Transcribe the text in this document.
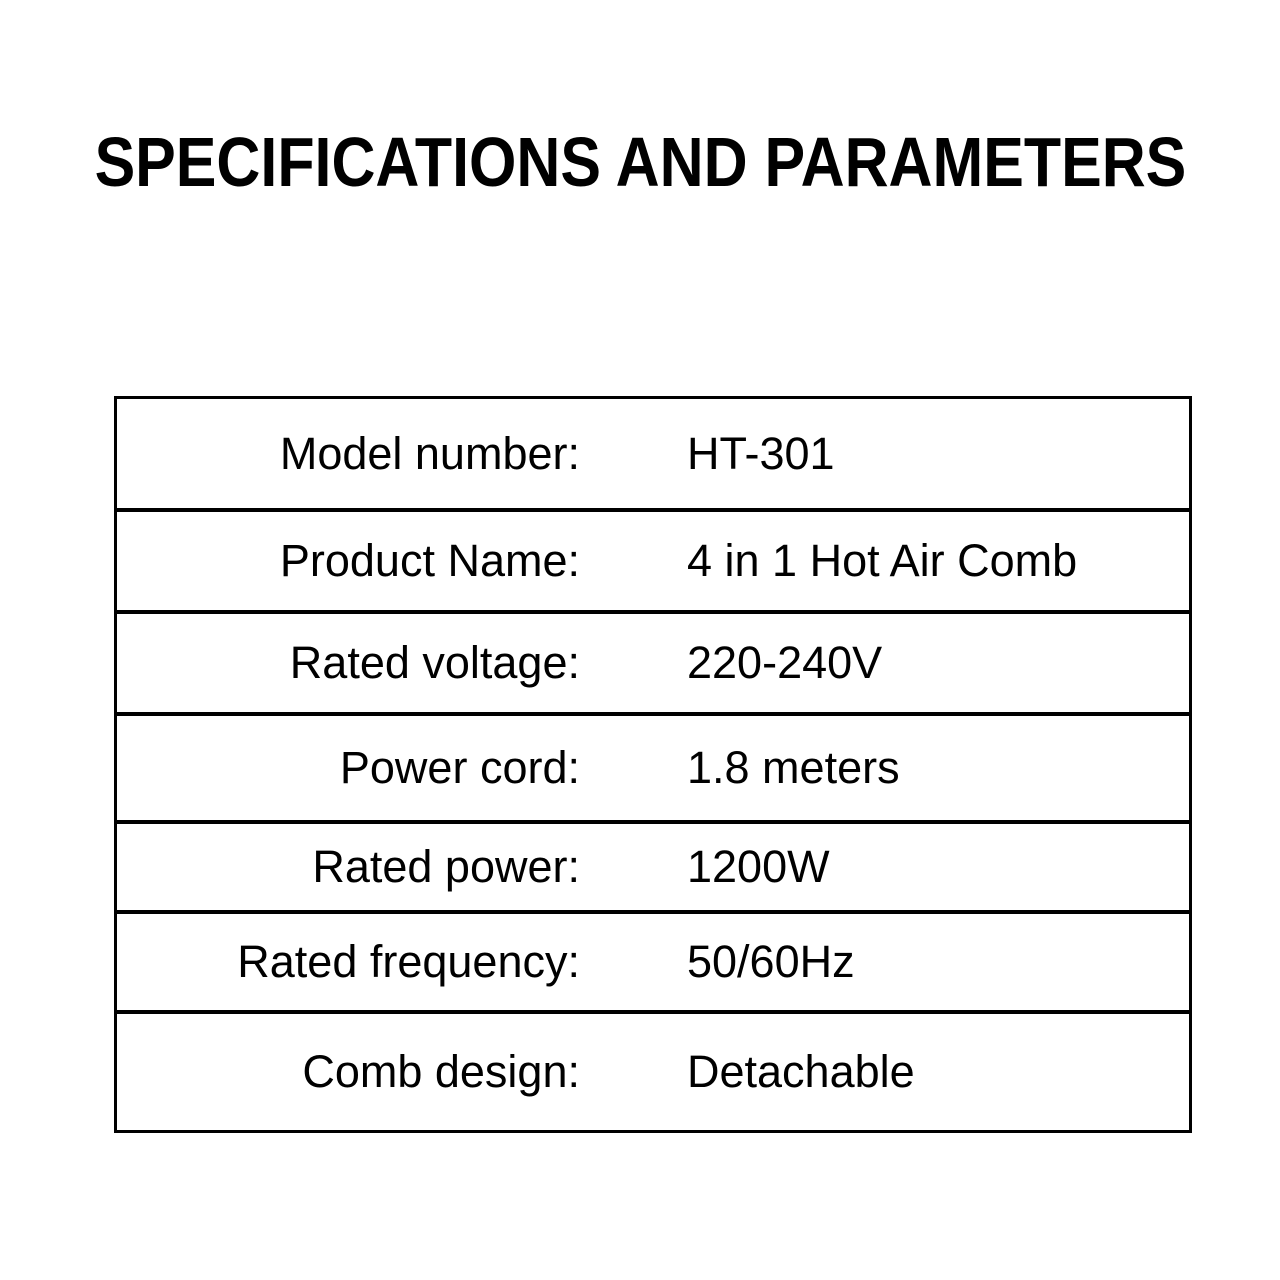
SPECIFICATIONS AND PARAMETERS
Model number:	HT-301
Product Name:	4 in 1 Hot Air Comb
Rated voltage:	220-240V
Power cord:	1.8 meters
Rated power:	1200W
Rated frequency:	50/60Hz
Comb design:	Detachable
